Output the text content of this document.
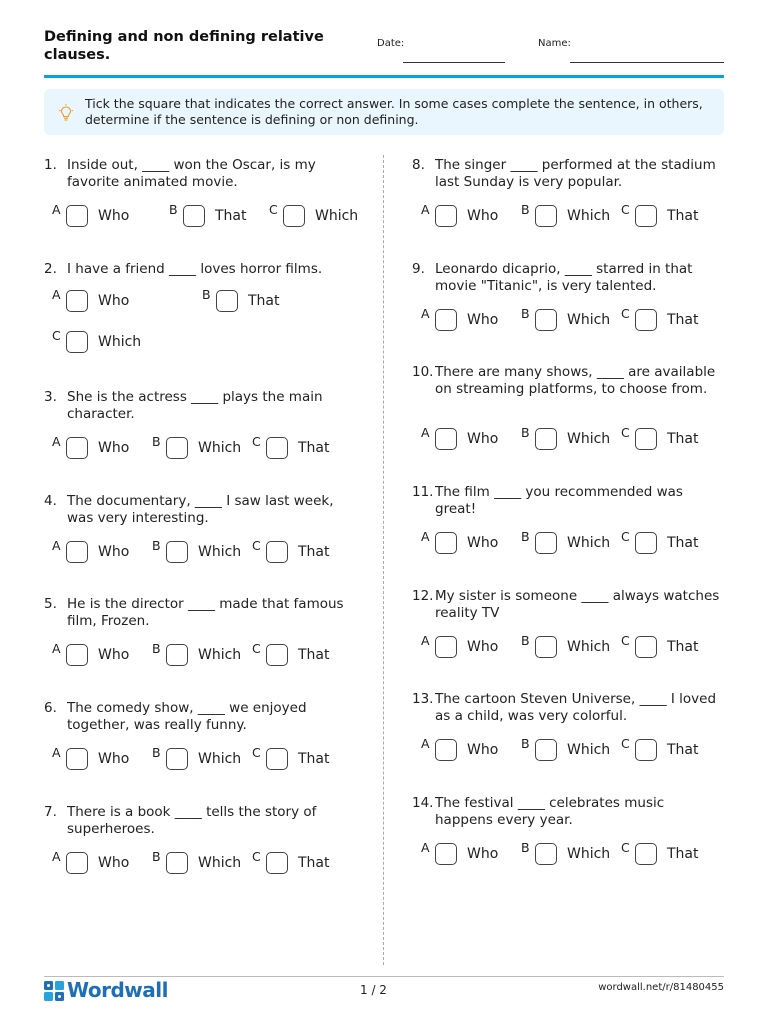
Defining and non defining relative clauses.
Date:	Name:
Tick the square that indicates the correct answer. In some cases complete the sentence, in others, determine if the sentence is defining or non defining.
1. Inside out, ____ won the Oscar, is my favorite animated movie.
A	Who	B	That C	Which
2. I have a friend ____ loves horror films.
A	Who	B	That
C	Which
3. She is the actress ____ plays the main character.
A	Who B	Which C	That
4. The documentary, ____ I saw last week, was very interesting.
A	Who B	Which C	That
5. He is the director ____ made that famous film, Frozen.
A	Who B	Which C	That
6. The comedy show, ____ we enjoyed together, was really funny.
A	Who B	Which C	That
7. There is a book ____ tells the story of superheroes.
A	Who B	Which C	That
8. The singer ____ performed at the stadium last Sunday is very popular.
A	Who B	Which C	That
9. Leonardo dicaprio, ____ starred in that movie "Titanic", is very talented.
A	Who B	Which C	That
10. There are many shows, ____ are available on streaming platforms, to choose from.
A	Who B	Which C	That
11. The film ____ you recommended was great!
A	Who B	Which C	That
12. My sister is someone ____ always watches reality TV
A	Who B	Which C	That
13. The cartoon Steven Universe, ____ I loved as a child, was very colorful.
A	Who B	Which C	That
14. The festival ____ celebrates music happens every year.
A	Who B	Which C	That
Wordwall	1 / 2	wordwall.net/r/81480455
